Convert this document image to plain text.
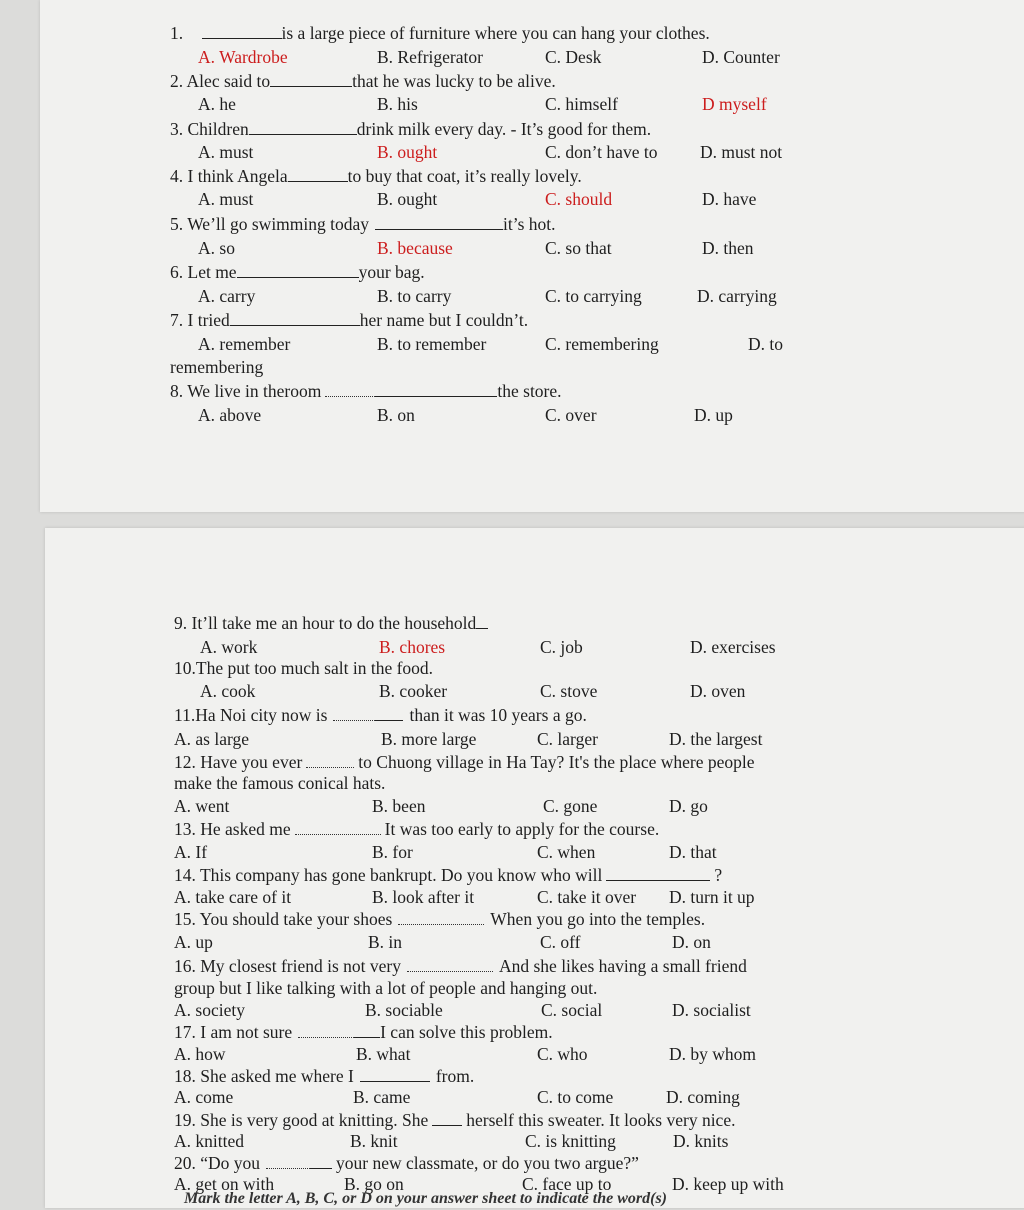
1.	is a large piece of furniture where you can hang your clothes.
A. Wardrobe	B. Refrigerator	C. Desk	D. Counter
2. Alec said to	that he was lucky to be alive.
A. he	B. his	C. himself	D myself
3. Children	drink milk every day. - It’s good for them.
A. must	B. ought	C. don’t have to D. must not
4. I think Angela	to buy that coat, it’s really lovely.
A. must	B. ought	C. should	D. have
5. We’ll go swimming today	it’s hot.
A. so	B. because	C. so that	D. then
6. Let me	your bag.
A. carry	B. to carry	C. to carrying	D. carrying
7. I tried	her name but I couldn’t.
A. remember	B. to remember	C. remembering	D. to
remembering
8. We live in theroom	the store.
A. above	B. on	C. over	D. up
9. It’ll take me an hour to do the household
A. work	B. chores	C. job	D. exercises
10.The put too much salt in the food.
A. cook	B. cooker	C. stove	D. oven
11.Ha Noi city now is	than it was 10 years a go.
A. as large	B. more large	C. larger	D. the largest
12. Have you ever	to Chuong village in Ha Tay? It's the place where people
make the famous conical hats.
A. went	B. been	C. gone	D. go
13. He asked me	It was too early to apply for the course.
A. If	B. for	C. when	D. that
14. This company has gone bankrupt. Do you know who will	?
A. take care of it	B. look after it	C. take it over D. turn it up
15. You should take your shoes	When you go into the temples.
A. up	B. in	C. off	D. on
16. My closest friend is not very	And she likes having a small friend
group but I like talking with a lot of people and hanging out.
A. society	B. sociable	C. social	D. socialist
17. I am not sure	I can solve this problem.
A. how	B. what	C. who	D. by whom
18. She asked me where I	from.
A. come	B. came	C. to come	D. coming
19. She is very good at knitting. She herself this sweater. It looks very nice.
A. knitted	B. knit	C. is knitting	D. knits
20. “Do you	your new classmate, or do you two argue?”
A. get on with	B. go on	C. face up to	D. keep up with
Mark the letter A, B, C, or D on your answer sheet to indicate the word(s)
